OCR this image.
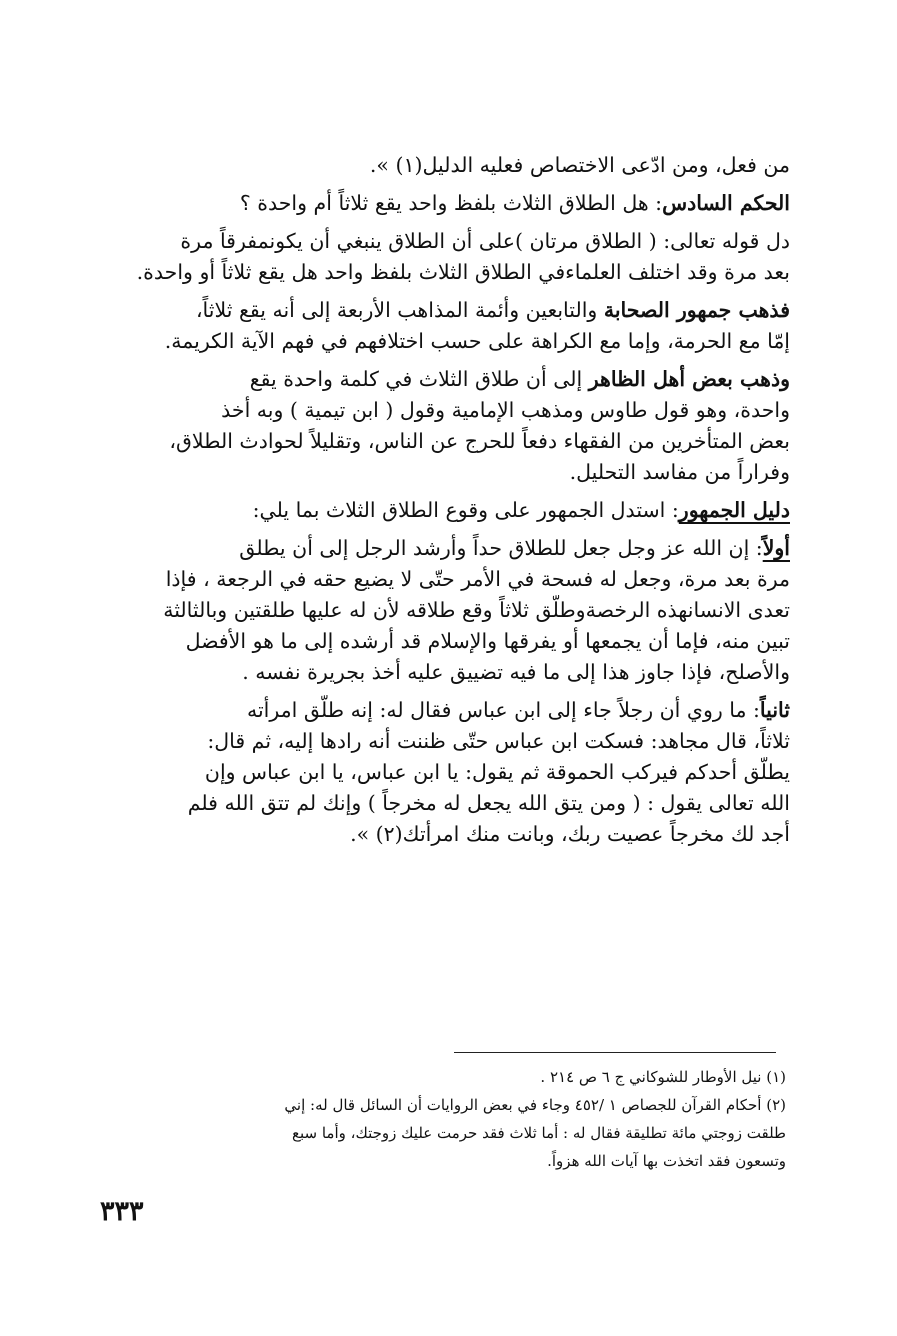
من فعل، ومن ادّعى الاختصاص فعليه الدليل(١) ».
الحكم السادس: هل الطلاق الثلاث بلفظ واحد يقع ثلاثاً أم واحدة ؟
دل قوله تعالى: ( الطلاق مرتان )على أن الطلاق ينبغي أن يكونمفرقاً مرة
بعد مرة وقد اختلف العلماءفي الطلاق الثلاث بلفظ واحد هل يقع ثلاثاً أو واحدة.
فذهب جمهور الصحابة والتابعين وأئمة المذاهب الأربعة إلى أنه يقع ثلاثاً،
إمّا مع الحرمة، وإما مع الكراهة على حسب اختلافهم في فهم الآية الكريمة.
وذهب بعض أهل الظاهر إلى أن طلاق الثلاث في كلمة واحدة يقع
واحدة، وهو قول طاوس ومذهب الإمامية وقول ( ابن تيمية ) وبه أخذ
بعض المتأخرين من الفقهاء دفعاً للحرج عن الناس، وتقليلاً لحوادث الطلاق،
وفراراً من مفاسد التحليل.
دليل الجمهور: استدل الجمهور على وقوع الطلاق الثلاث بما يلي:
أولاً: إن الله عز وجل جعل للطلاق حداً وأرشد الرجل إلى أن يطلق
مرة بعد مرة، وجعل له فسحة في الأمر حتّى لا يضيع حقه في الرجعة ، فإذا
تعدى الانسانهذه الرخصةوطلّق ثلاثاً وقع طلاقه لأن له عليها طلقتين وبالثالثة
تبين منه، فإما أن يجمعها أو يفرقها والإسلام قد أرشده إلى ما هو الأفضل
والأصلح، فإذا جاوز هذا إلى ما فيه تضييق عليه أخذ بجريرة نفسه .
ثانياً: ما روي أن رجلاً جاء إلى ابن عباس فقال له: إنه طلّق امرأته
ثلاثاً، قال مجاهد: فسكت ابن عباس حتّى ظننت أنه رادها إليه، ثم قال:
يطلّق أحدكم فيركب الحموقة ثم يقول: يا ابن عباس، يا ابن عباس وإن
الله تعالى يقول : ( ومن يتق الله يجعل له مخرجاً ) وإنك لم تتق الله فلم
أجد لك مخرجاً عصيت ربك، وبانت منك امرأتك(٢) ».
(١) نيل الأوطار للشوكاني ج ٦ ص ٢١٤ .
(٢) أحكام القرآن للجصاص ١ /٤٥٢ وجاء في بعض الروايات أن السائل قال له: إني
طلقت زوجتي مائة تطليقة فقال له : أما ثلاث فقد حرمت عليك زوجتك، وأما سبع
وتسعون فقد اتخذت بها آيات الله هزواً.
٣٣٣
